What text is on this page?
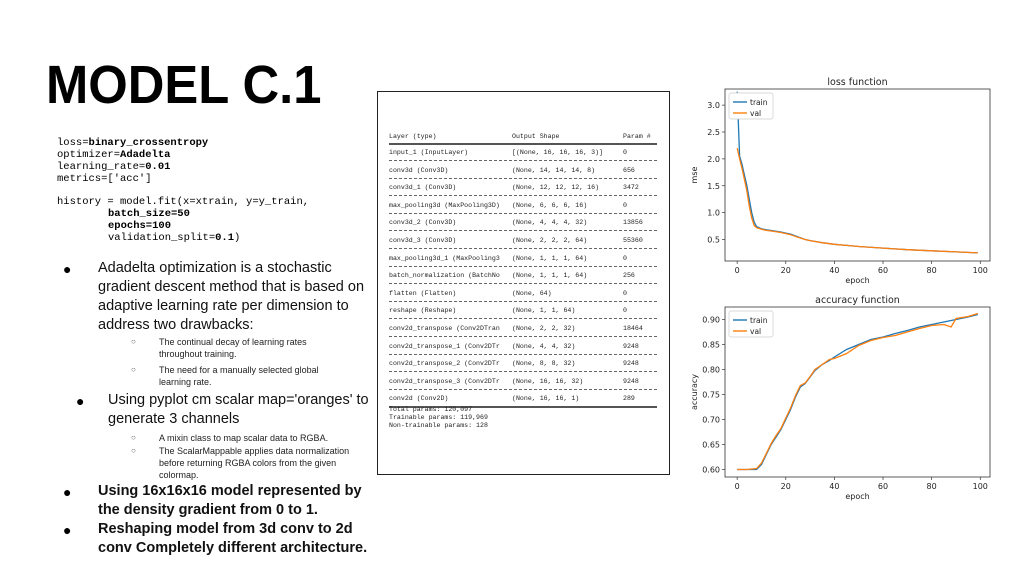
MODEL C.1
loss=binary_crossentropy
optimizer=Adadelta
learning_rate=0.01
metrics=['acc']
history = model.fit(x=xtrain, y=y_train,
batch_size=50
epochs=100
validation_split=0.1)
● Adadelta optimization is a stochastic gradient descent method that is based on adaptive learning rate per dimension to address two drawbacks:
○	The continual decay of learning rates throughout training.
○	The need for a manually selected global learning rate.
● Using pyplot cm scalar map='oranges' to generate 3 channels
○	A mixin class to map scalar data to RGBA.
○	The ScalarMappable applies data normalization before returning RGBA colors from the given colormap.
● Using 16x16x16 model represented by the density gradient from 0 to 1.
● Reshaping model from 3d conv to 2d conv Completely different architecture.
Layer (type)	Output Shape	Param #
input_1 (InputLayer)	[(None, 16, 16, 16, 3)]	0
conv3d (Conv3D)	(None, 14, 14, 14, 8)	656
conv3d_1 (Conv3D)	(None, 12, 12, 12, 16)	3472
max_pooling3d (MaxPooling3D) (None, 6, 6, 6, 16)	0
conv3d_2 (Conv3D)	(None, 4, 4, 4, 32)	13856
conv3d_3 (Conv3D)	(None, 2, 2, 2, 64)	55360
max_pooling3d_1 (MaxPooling3 (None, 1, 1, 1, 64)	0
batch_normalization (BatchNo (None, 1, 1, 1, 64)	256
flatten (Flatten)	(None, 64)	0
reshape (Reshape)	(None, 1, 1, 64)	0
conv2d_transpose (Conv2DTran (None, 2, 2, 32)	18464
conv2d_transpose_1 (Conv2DTr (None, 4, 4, 32)	9248
conv2d_transpose_2 (Conv2DTr (None, 8, 8, 32)	9248
conv2d_transpose_3 (Conv2DTr (None, 16, 16, 32)	9248
conv2d (Conv2D)	(None, 16, 16, 1)	289
Total params: 120,097
Trainable params: 119,969
Non-trainable params: 128
loss function
0	20	40	60	80	100
0.5
1.0
1.5
2.0
2.5
3.0
epoch
mse
train
val
accuracy function
0	20	40	60	80	100
0.60
0.65
0.70
0.75
0.80
0.85
0.90
epoch
accuracy
train
val
